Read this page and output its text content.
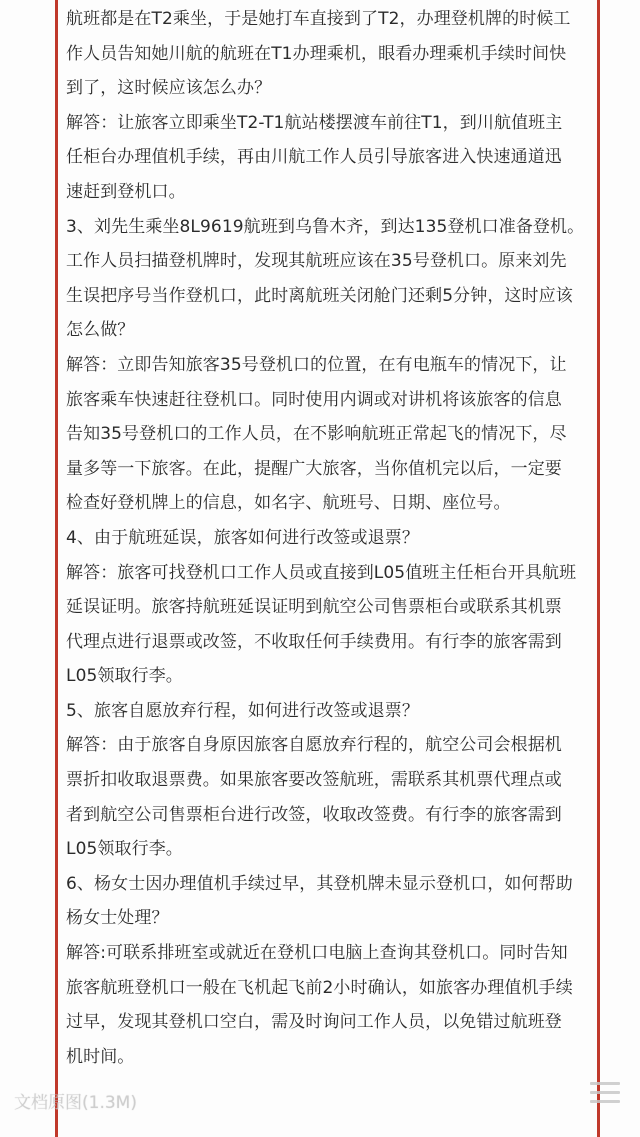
航班都是在T2乘坐，于是她打车直接到了T2，办理登机牌的时候工
作人员告知她川航的航班在T1办理乘机，眼看办理乘机手续时间快
到了，这时候应该怎么办？
解答：让旅客立即乘坐T2-T1航站楼摆渡车前往T1，到川航值班主
任柜台办理值机手续，再由川航工作人员引导旅客进入快速通道迅
速赶到登机口。
3、刘先生乘坐8L9619航班到乌鲁木齐，到达135登机口准备登机。
工作人员扫描登机牌时，发现其航班应该在35号登机口。原来刘先
生误把序号当作登机口，此时离航班关闭舱门还剩5分钟，这时应该
怎么做？
解答：立即告知旅客35号登机口的位置，在有电瓶车的情况下，让
旅客乘车快速赶往登机口。同时使用内调或对讲机将该旅客的信息
告知35号登机口的工作人员，在不影响航班正常起飞的情况下，尽
量多等一下旅客。在此，提醒广大旅客，当你值机完以后，一定要
检查好登机牌上的信息，如名字、航班号、日期、座位号。
4、由于航班延误，旅客如何进行改签或退票？
解答：旅客可找登机口工作人员或直接到L05值班主任柜台开具航班
延误证明。旅客持航班延误证明到航空公司售票柜台或联系其机票
代理点进行退票或改签，不收取任何手续费用。有行李的旅客需到
L05领取行李。
5、旅客自愿放弃行程，如何进行改签或退票？
解答：由于旅客自身原因旅客自愿放弃行程的，航空公司会根据机
票折扣收取退票费。如果旅客要改签航班，需联系其机票代理点或
者到航空公司售票柜台进行改签，收取改签费。有行李的旅客需到
L05领取行李。
6、杨女士因办理值机手续过早，其登机牌未显示登机口，如何帮助
杨女士处理？
解答:可联系排班室或就近在登机口电脑上查询其登机口。同时告知
旅客航班登机口一般在飞机起飞前2小时确认，如旅客办理值机手续
过早，发现其登机口空白，需及时询问工作人员，以免错过航班登
机时间。
文档原图(1.3M)
